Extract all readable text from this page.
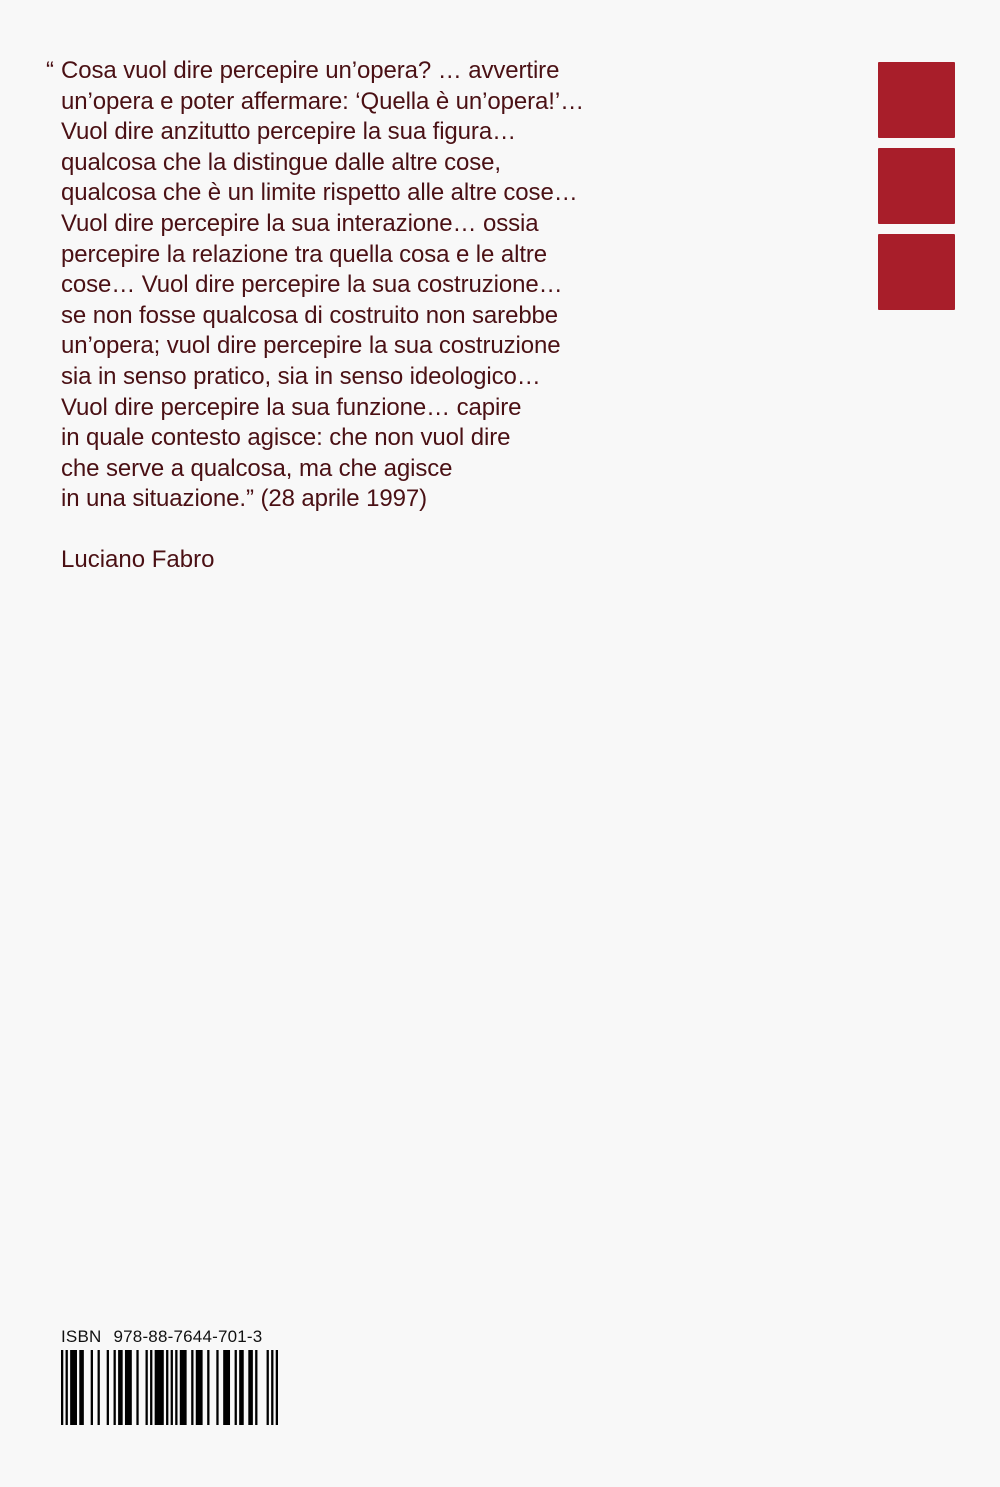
“ Cosa vuol dire percepire un’opera? … avvertire
un’opera e poter affermare: ‘Quella è un’opera!’…
Vuol dire anzitutto percepire la sua figura…
qualcosa che la distingue dalle altre cose,
qualcosa che è un limite rispetto alle altre cose…
Vuol dire percepire la sua interazione… ossia
percepire la relazione tra quella cosa e le altre
cose… Vuol dire percepire la sua costruzione…
se non fosse qualcosa di costruito non sarebbe
un’opera; vuol dire percepire la sua costruzione
sia in senso pratico, sia in senso ideologico…
Vuol dire percepire la sua funzione… capire
in quale contesto agisce: che non vuol dire
che serve a qualcosa, ma che agisce
in una situazione.” (28 aprile 1997)
Luciano Fabro
ISBN 978-88-7644-701-3
